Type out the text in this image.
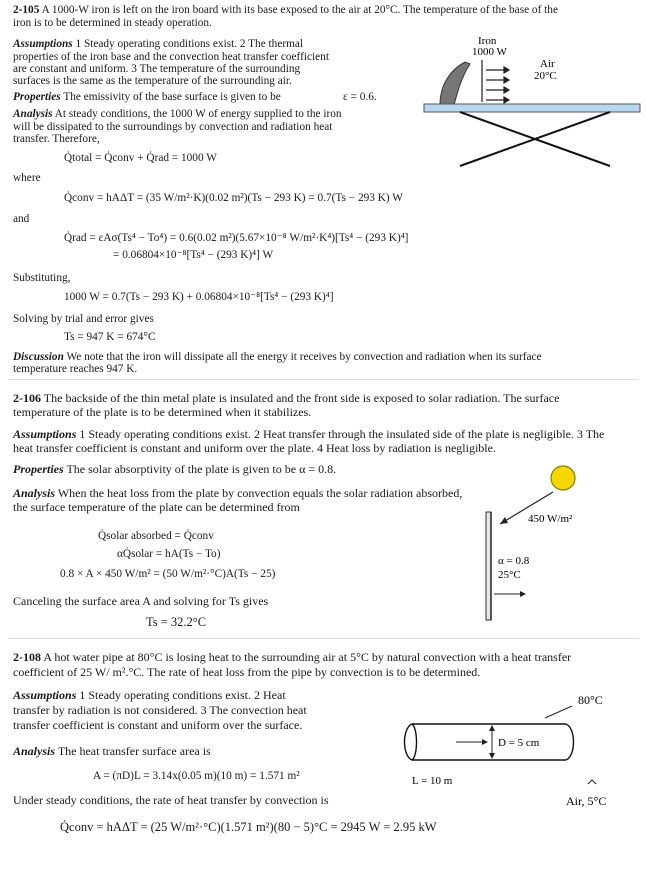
2-105 A 1000-W iron is left on the iron board with its base exposed to the air at 20°C. The temperature of the base of the
iron is to be determined in steady operation.
Assumptions 1 Steady operating conditions exist. 2 The thermal
properties of the iron base and the convection heat transfer coefficient
are constant and uniform. 3 The temperature of the surrounding
surfaces is the same as the temperature of the surrounding air.
Properties The emissivity of the base surface is given to be	ε = 0.6.
Analysis At steady conditions, the 1000 W of energy supplied to the iron
will be dissipated to the surroundings by convection and radiation heat
transfer. Therefore,
Q̇total = Q̇conv + Q̇rad = 1000 W
where
Q̇conv = hAΔT = (35 W/m²·K)(0.02 m²)(Ts − 293 K) = 0.7(Ts − 293 K) W
and
Q̇rad = εAσ(Ts⁴ − To⁴) = 0.6(0.02 m²)(5.67×10⁻⁸ W/m²·K⁴)[Ts⁴ − (293 K)⁴]
= 0.06804×10⁻⁸[Ts⁴ − (293 K)⁴] W
Substituting,
1000 W = 0.7(Ts − 293 K) + 0.06804×10⁻⁸[Ts⁴ − (293 K)⁴]
Solving by trial and error gives
Ts = 947 K = 674°C
Discussion We note that the iron will dissipate all the energy it receives by convection and radiation when its surface
temperature reaches 947 K.
Iron
1000 W
Air
20°C
2-106 The backside of the thin metal plate is insulated and the front side is exposed to solar radiation. The surface
temperature of the plate is to be determined when it stabilizes.
Assumptions 1 Steady operating conditions exist. 2 Heat transfer through the insulated side of the plate is negligible. 3 The
heat transfer coefficient is constant and uniform over the plate. 4 Heat loss by radiation is negligible.
Properties The solar absorptivity of the plate is given to be α = 0.8.
Analysis When the heat loss from the plate by convection equals the solar radiation absorbed,
the surface temperature of the plate can be determined from
Q̇solar absorbed = Q̇conv
αQ̇solar = hA(Ts − To)
0.8 × A × 450 W/m² = (50 W/m²·°C)A(Ts − 25)
Canceling the surface area A and solving for Ts gives
Ts = 32.2°C
450 W/m²
α = 0.8
25°C
2-108 A hot water pipe at 80°C is losing heat to the surrounding air at 5°C by natural convection with a heat transfer
coefficient of 25 W/ m².°C. The rate of heat loss from the pipe by convection is to be determined.
Assumptions 1 Steady operating conditions exist. 2 Heat
transfer by radiation is not considered. 3 The convection heat
transfer coefficient is constant and uniform over the surface.
Analysis The heat transfer surface area is
A = (πD)L = 3.14x(0.05 m)(10 m) = 1.571 m²
Under steady conditions, the rate of heat transfer by convection is
Q̇conv = hAΔT = (25 W/m²·°C)(1.571 m²)(80 − 5)°C = 2945 W = 2.95 kW
80°C
D = 5 cm
L = 10 m
Air, 5°C
